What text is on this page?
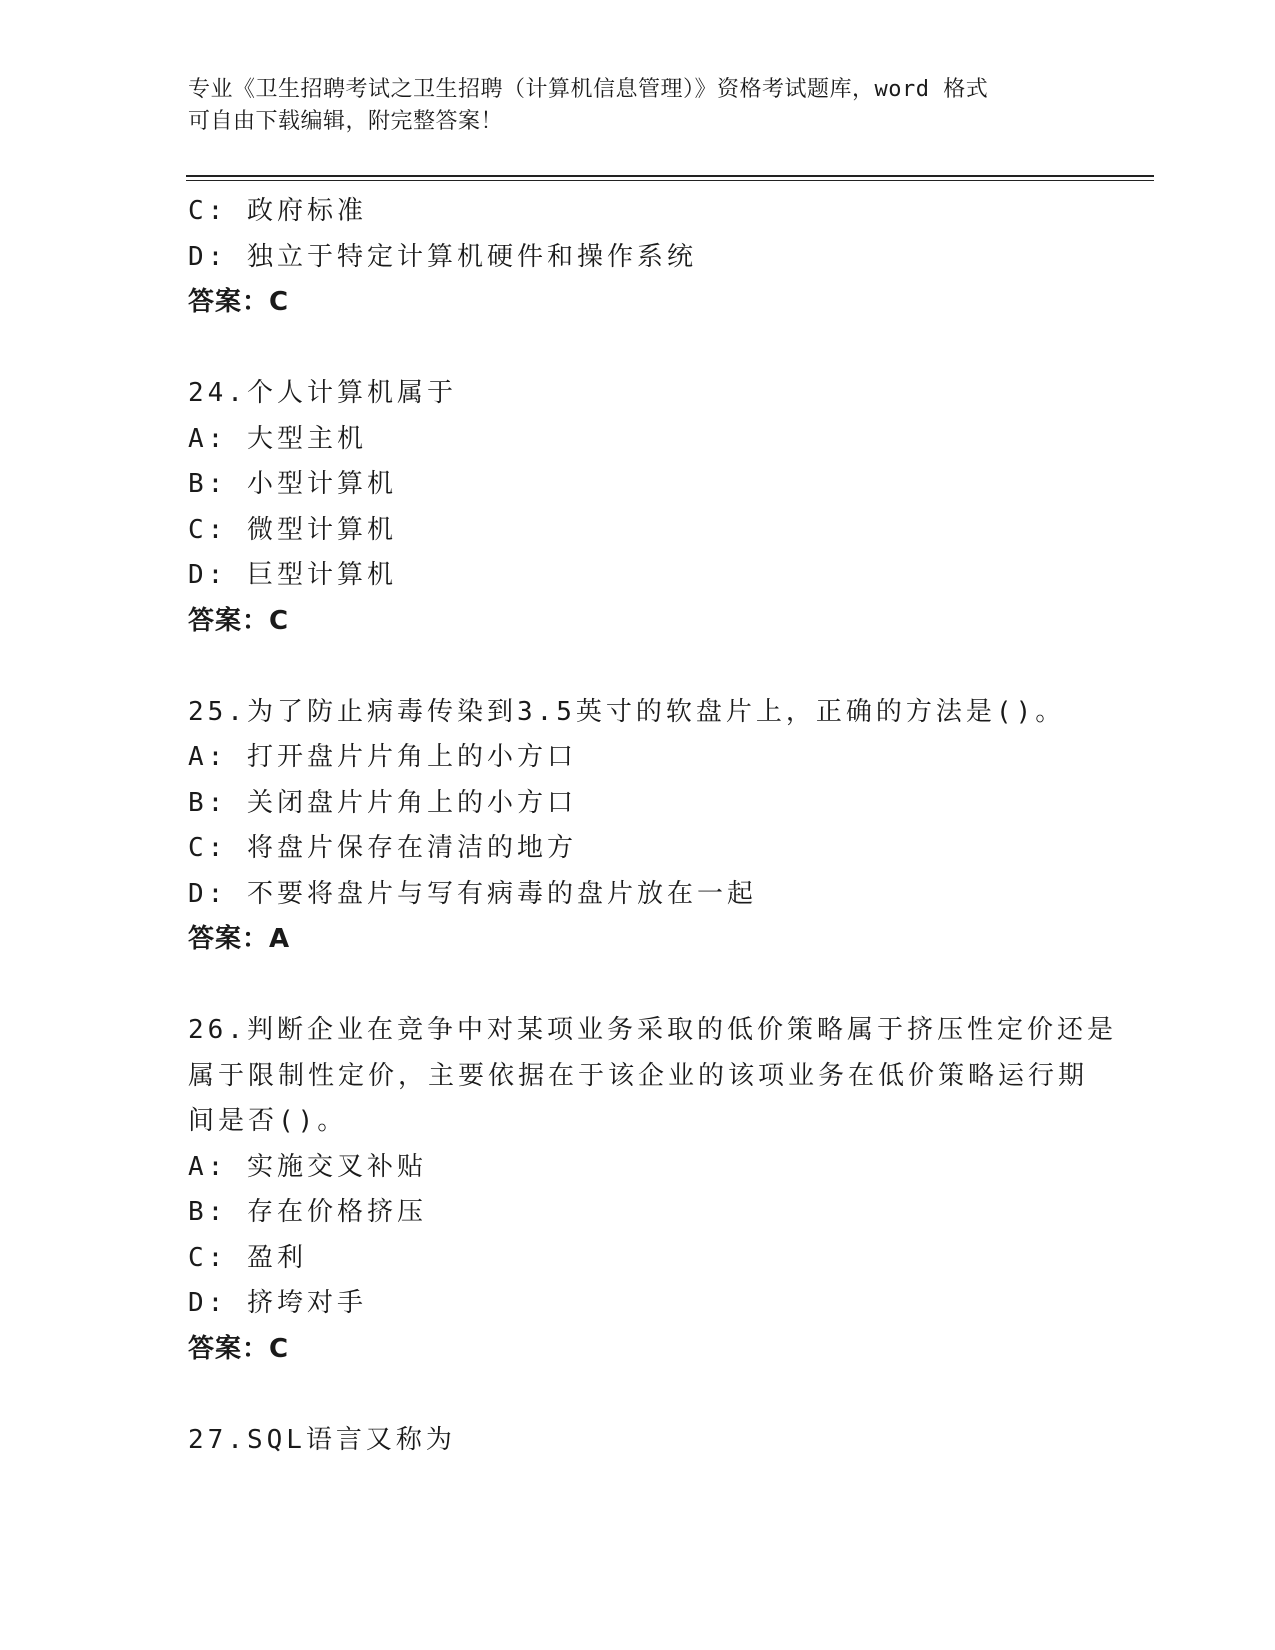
专业《卫生招聘考试之卫生招聘（计算机信息管理）》资格考试题库，word 格式
可自由下载编辑，附完整答案！
C: 政府标准
D: 独立于特定计算机硬件和操作系统
答案：C
24.个人计算机属于
A: 大型主机
B: 小型计算机
C: 微型计算机
D: 巨型计算机
答案：C
25.为了防止病毒传染到3.5英寸的软盘片上，正确的方法是()。
A: 打开盘片片角上的小方口
B: 关闭盘片片角上的小方口
C: 将盘片保存在清洁的地方
D: 不要将盘片与写有病毒的盘片放在一起
答案：A
26.判断企业在竞争中对某项业务采取的低价策略属于挤压性定价还是
属于限制性定价，主要依据在于该企业的该项业务在低价策略运行期
间是否()。
A: 实施交叉补贴
B: 存在价格挤压
C: 盈利
D: 挤垮对手
答案：C
27.SQL语言又称为
